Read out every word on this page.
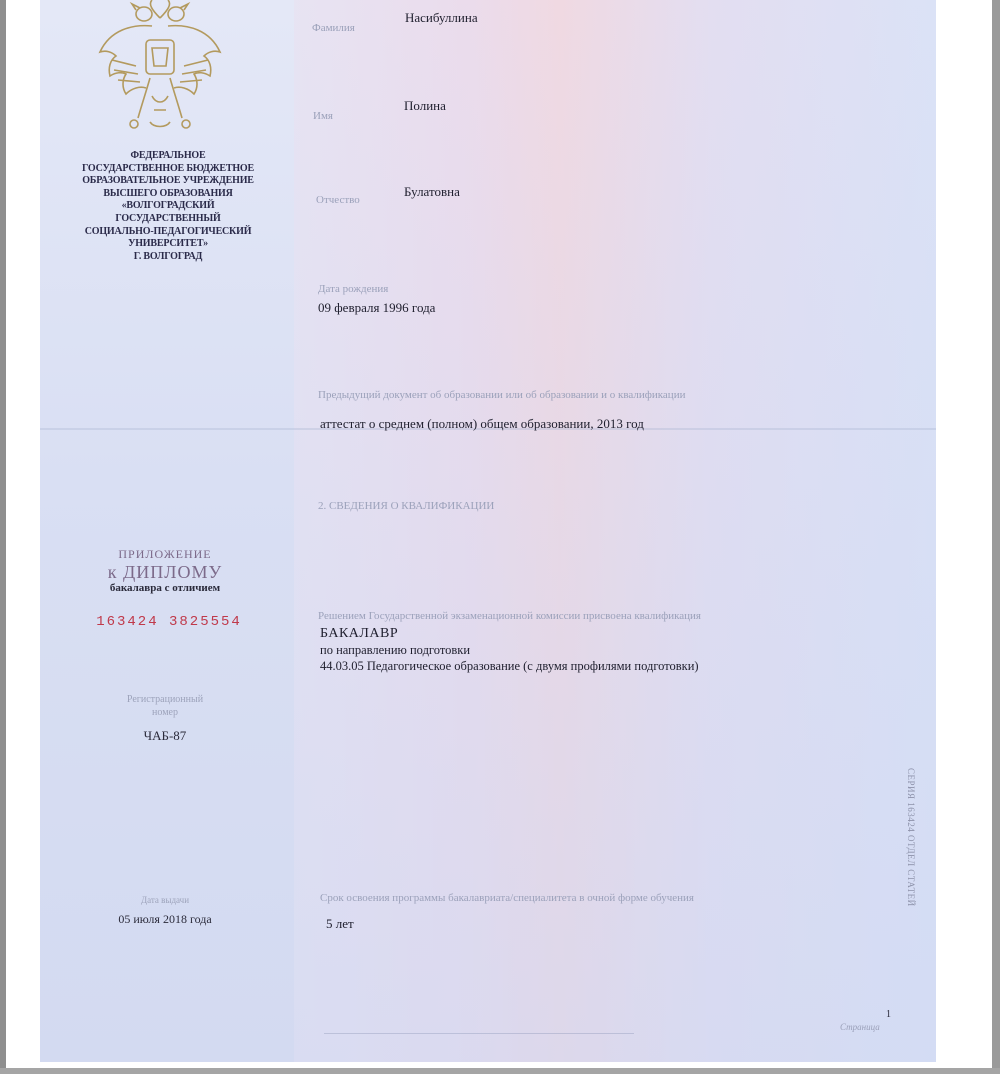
ФЕДЕРАЛЬНОЕ
ГОСУДАРСТВЕННОЕ БЮДЖЕТНОЕ
ОБРАЗОВАТЕЛЬНОЕ УЧРЕЖДЕНИЕ
ВЫСШЕГО ОБРАЗОВАНИЯ
«ВОЛГОГРАДСКИЙ
ГОСУДАРСТВЕННЫЙ
СОЦИАЛЬНО-ПЕДАГОГИЧЕСКИЙ
УНИВЕРСИТЕТ»
Г. ВОЛГОГРАД
ПРИЛОЖЕНИЕ
к ДИПЛОМУ
бакалавра с отличием
163424 3825554
Регистрационный
номер
ЧАБ-87
Дата выдачи
05 июля 2018 года
Фамилия
Насибуллина
Имя
Полина
Отчество
Булатовна
Дата рождения
09 февраля 1996 года
Предыдущий документ об образовании или об образовании и о квалификации
аттестат о среднем (полном) общем образовании, 2013 год
2. СВЕДЕНИЯ О КВАЛИФИКАЦИИ
Решением Государственной экзаменационной комиссии присвоена квалификация
БАКАЛАВР
по направлению подготовки
44.03.05 Педагогическое образование (с двумя профилями подготовки)
Срок освоения программы бакалавриата/специалитета в очной форме обучения
5 лет
СЕРИЯ 163424 ОТДЕЛ СТАТЕЙ
1
Страница
